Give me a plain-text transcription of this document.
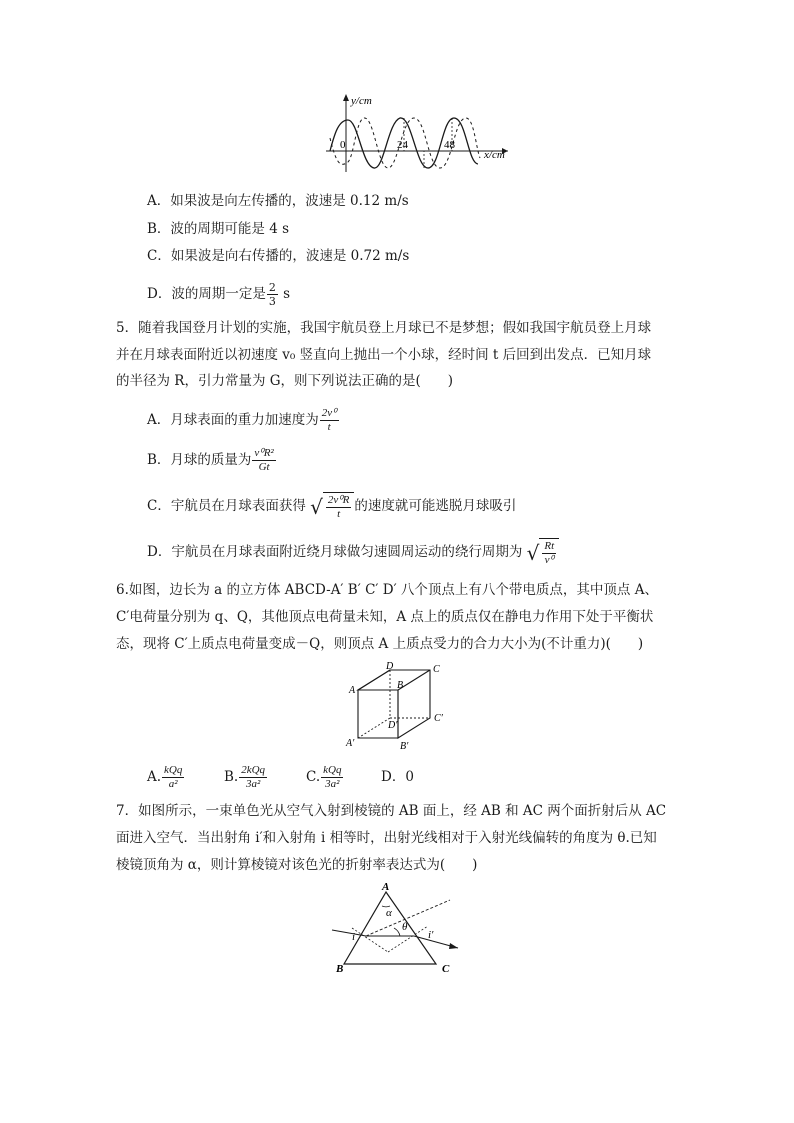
y/cm
x/cm
0	24	48
A．如果波是向左传播的，波速是 0.12 m/s
B．波的周期可能是 4 s
C．如果波是向右传播的，波速是 0.72 m/s
D．波的周期一定是 $\frac{2}{3}$ s
5．随着我国登月计划的实施，我国宇航员登上月球已不是梦想；假如我国宇航员登上月球
并在月球表面附近以初速度 v₀ 竖直向上抛出一个小球，经时间 t 后回到出发点．已知月球
的半径为 R，引力常量为 G，则下列说法正确的是(　　)
A．月球表面的重力加速度为 $\frac{\text{2v⁰}}{t}$
B．月球的质量为 $\frac{\text{v⁰R²}}{Gt}$
C．宇航员在月球表面获得 √ $\frac{\text{2v⁰R}}{t}$ 的速度就可能逃脱月球吸引
D．宇航员在月球表面附近绕月球做匀速圆周运动的绕行周期为 √ $\frac{Rt}{\text{v⁰}}$
6.如图，边长为 a 的立方体 ABCD-A′ B′ C′ D′ 八个顶点上有八个带电质点，其中顶点 A、
C′电荷量分别为 q、Q，其他顶点电荷量未知，A 点上的质点仅在静电力作用下处于平衡状
态，现将 C′上质点电荷量变成－Q，则顶点 A 上质点受力的合力大小为(不计重力)(　　)
D	C
A	B
D′
C′
A′	B′
A. $\frac{\text{kQq}}{\text{a²}}$	B. $\frac{\text{2kQq}}{\text{3a²}}$	C. $\frac{\text{kQq}}{\text{3a²}}$	D．0
7．如图所示，一束单色光从空气入射到棱镜的 AB 面上，经 AB 和 AC 两个面折射后从 AC
面进入空气．当出射角 i′和入射角 i 相等时，出射光线相对于入射光线偏转的角度为 θ.已知
棱镜顶角为 α，则计算棱镜对该色光的折射率表达式为(　　)
A
B	C
α
θ
i	i′
